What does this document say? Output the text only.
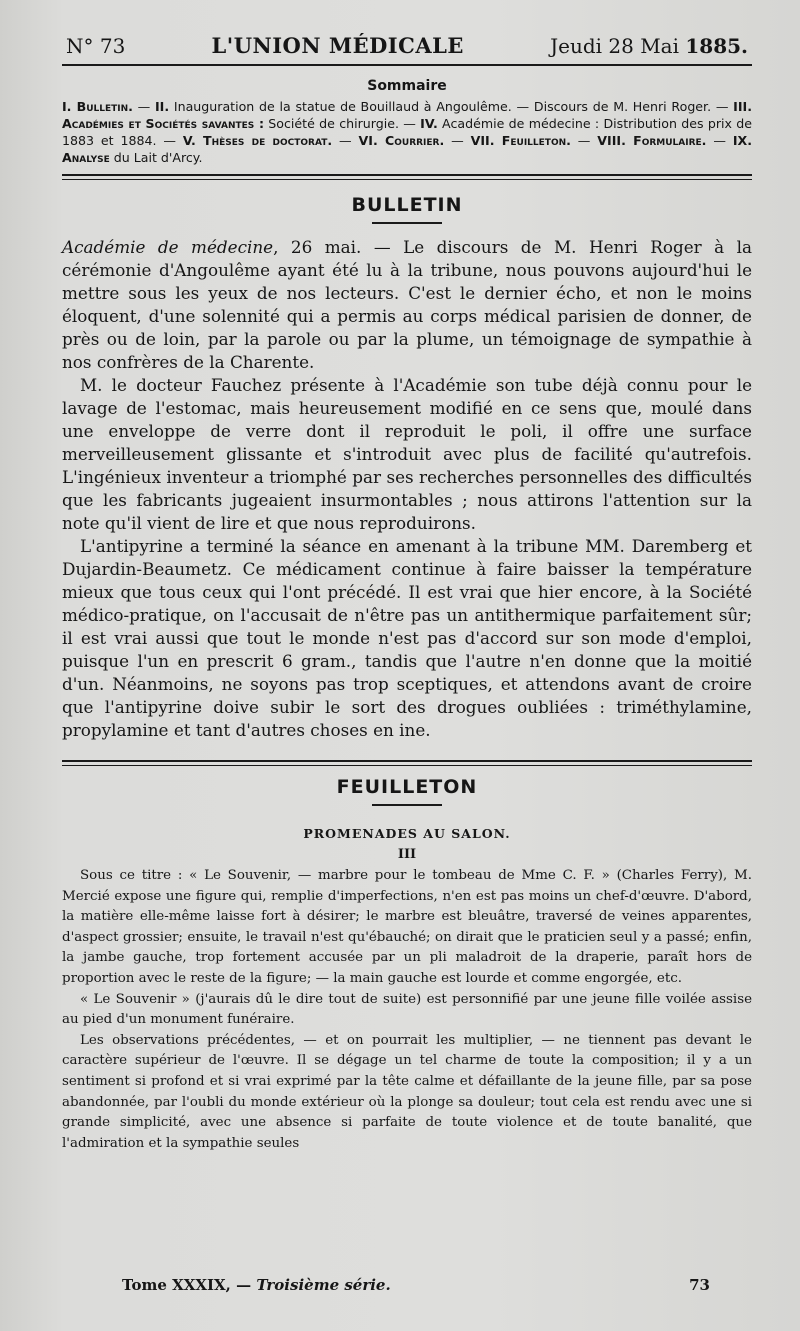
N° 73	L'UNION MÉDICALE	Jeudi 28 Mai 1885.
Sommaire
I. Bulletin. — II. Inauguration de la statue de Bouillaud à Angoulême. — Discours de M. Henri Roger. — III. Académies et Sociétés savantes : Société de chirurgie. — IV. Académie de médecine : Distribution des prix de 1883 et 1884. — V. Thèses de doctorat. — VI. Courrier. — VII. Feuilleton. — VIII. Formulaire. — IX. Analyse du Lait d'Arcy.
BULLETIN

Académie de médecine, 26 mai. — Le discours de M. Henri Roger à la cérémonie d'Angoulême ayant été lu à la tribune, nous pouvons aujourd'hui le mettre sous les yeux de nos lecteurs. C'est le dernier écho, et non le moins éloquent, d'une solennité qui a permis au corps médical parisien de donner, de près ou de loin, par la parole ou par la plume, un témoignage de sympathie à nos confrères de la Charente.

M. le docteur Fauchez présente à l'Académie son tube déjà connu pour le lavage de l'estomac, mais heureusement modifié en ce sens que, moulé dans une enveloppe de verre dont il reproduit le poli, il offre une surface merveilleusement glissante et s'introduit avec plus de facilité qu'autrefois. L'ingénieux inventeur a triomphé par ses recherches personnelles des difficultés que les fabricants jugeaient insurmontables ; nous attirons l'attention sur la note qu'il vient de lire et que nous reproduirons.

L'antipyrine a terminé la séance en amenant à la tribune MM. Daremberg et Dujardin-Beaumetz. Ce médicament continue à faire baisser la température mieux que tous ceux qui l'ont précédé. Il est vrai que hier encore, à la Société médico-pratique, on l'accusait de n'être pas un antithermique parfaitement sûr; il est vrai aussi que tout le monde n'est pas d'accord sur son mode d'emploi, puisque l'un en prescrit 6 gram., tandis que l'autre n'en donne que la moitié d'un. Néanmoins, ne soyons pas trop sceptiques, et attendons avant de croire que l'antipyrine doive subir le sort des drogues oubliées : triméthylamine, propylamine et tant d'autres choses en ine.

FEUILLETON
PROMENADES AU SALON.
III

Sous ce titre : « Le Souvenir, — marbre pour le tombeau de Mme C. F. » (Charles Ferry), M. Mercié expose une figure qui, remplie d'imperfections, n'en est pas moins un chef-d'œuvre. D'abord, la matière elle-même laisse fort à désirer; le marbre est bleuâtre, traversé de veines apparentes, d'aspect grossier; ensuite, le travail n'est qu'ébauché; on dirait que le praticien seul y a passé; enfin, la jambe gauche, trop fortement accusée par un pli maladroit de la draperie, paraît hors de proportion avec le reste de la figure; — la main gauche est lourde et comme engorgée, etc.

« Le Souvenir » (j'aurais dû le dire tout de suite) est personnifié par une jeune fille voilée assise au pied d'un monument funéraire.

Les observations précédentes, — et on pourrait les multiplier, — ne tiennent pas devant le caractère supérieur de l'œuvre. Il se dégage un tel charme de toute la composition; il y a un sentiment si profond et si vrai exprimé par la tête calme et défaillante de la jeune fille, par sa pose abandonnée, par l'oubli du monde extérieur où la plonge sa douleur; tout cela est rendu avec une si grande simplicité, avec une absence si parfaite de toute violence et de toute banalité, que l'admiration et la sympathie seules

Tome XXXIX, — Troisième série.	73
